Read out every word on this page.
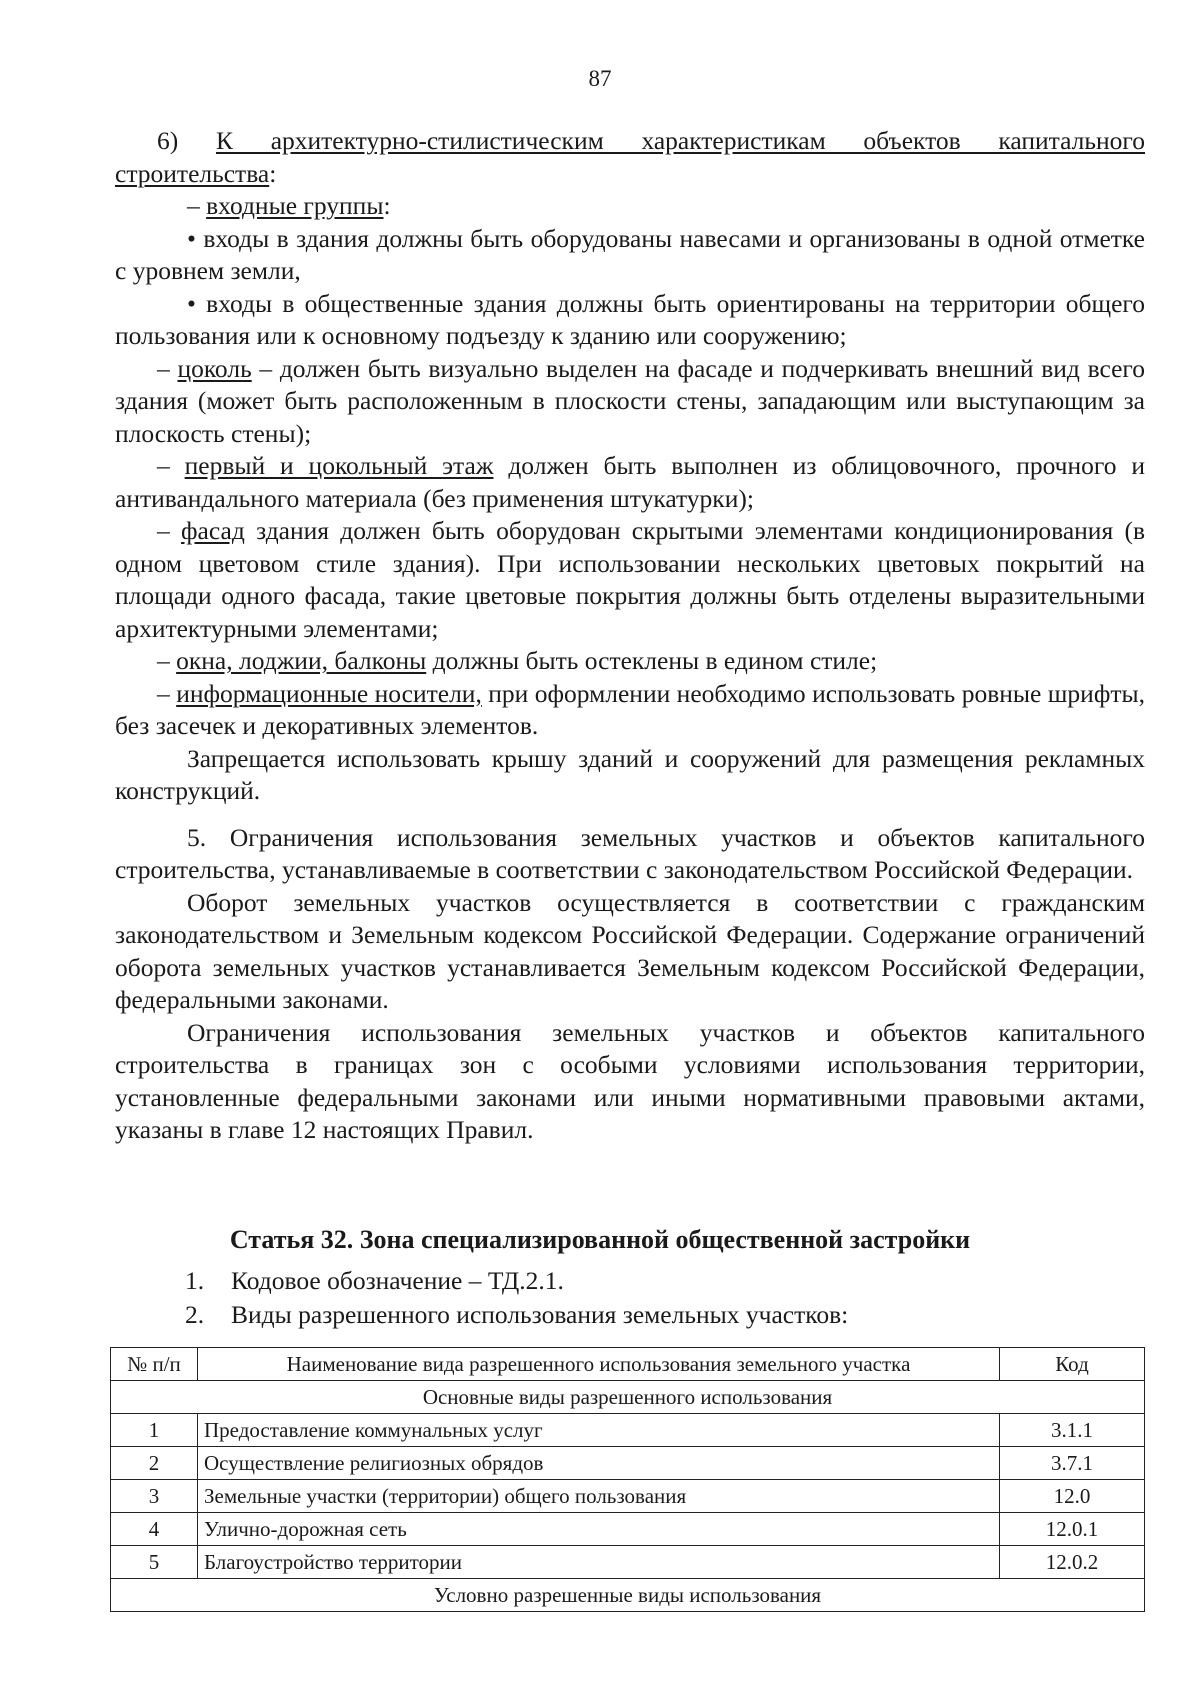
87

6) К архитектурно-стилистическим характеристикам объектов капитального строительства:

– входные группы:

• входы в здания должны быть оборудованы навесами и организованы в одной отметке с уровнем земли,

• входы в общественные здания должны быть ориентированы на территории общего пользования или к основному подъезду к зданию или сооружению;

– цоколь – должен быть визуально выделен на фасаде и подчеркивать внешний вид всего здания (может быть расположенным в плоскости стены, западающим или выступающим за плоскость стены);

– первый и цокольный этаж должен быть выполнен из облицовочного, прочного и антивандального материала (без применения штукатурки);

– фасад здания должен быть оборудован скрытыми элементами кондиционирования (в одном цветовом стиле здания). При использовании нескольких цветовых покрытий на площади одного фасада, такие цветовые покрытия должны быть отделены выразительными архитектурными элементами;

– окна, лоджии, балконы должны быть остеклены в едином стиле;

– информационные носители, при оформлении необходимо использовать ровные шрифты, без засечек и декоративных элементов.

Запрещается использовать крышу зданий и сооружений для размещения рекламных конструкций.

5. Ограничения использования земельных участков и объектов капитального строительства, устанавливаемые в соответствии с законодательством Российской Федерации.

Оборот земельных участков осуществляется в соответствии с гражданским законодательством и Земельным кодексом Российской Федерации. Содержание ограничений оборота земельных участков устанавливается Земельным кодексом Российской Федерации, федеральными законами.

Ограничения использования земельных участков и объектов капитального строительства в границах зон с особыми условиями использования территории, установленные федеральными законами или иными нормативными правовыми актами, указаны в главе 12 настоящих Правил.

Статья 32. Зона специализированной общественной застройки
1. Кодовое обозначение – ТД.2.1.
2. Виды разрешенного использования земельных участков:
№ п/п	Наименование вида разрешенного использования земельного участка	Код
Основные виды разрешенного использования		
1	Предоставление коммунальных услуг	3.1.1
2	Осуществление религиозных обрядов	3.7.1
3	Земельные участки (территории) общего пользования	12.0
4	Улично-дорожная сеть	12.0.1
5	Благоустройство территории	12.0.2
Условно разрешенные виды использования		
